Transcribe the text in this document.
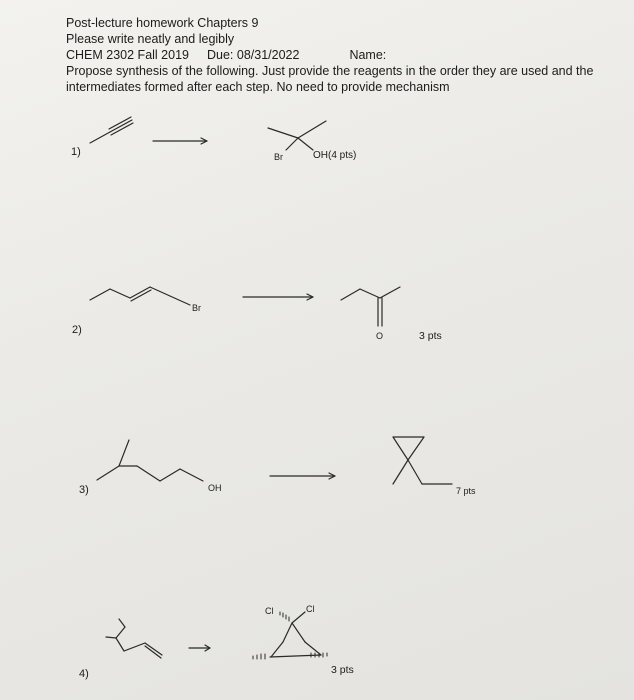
Post-lecture homework Chapters 9
Please write neatly and legibly
CHEM 2302 Fall 2019 Due: 08/31/2022	Name:
Propose synthesis of the following. Just provide the reagents in the order they are used and the intermediates formed after each step. No need to provide mechanism
1)
2)
3)
4)
Br	OH(4 pts)
Br
O	3 pts
OH	7 pts
Cl	Cl
3 pts
